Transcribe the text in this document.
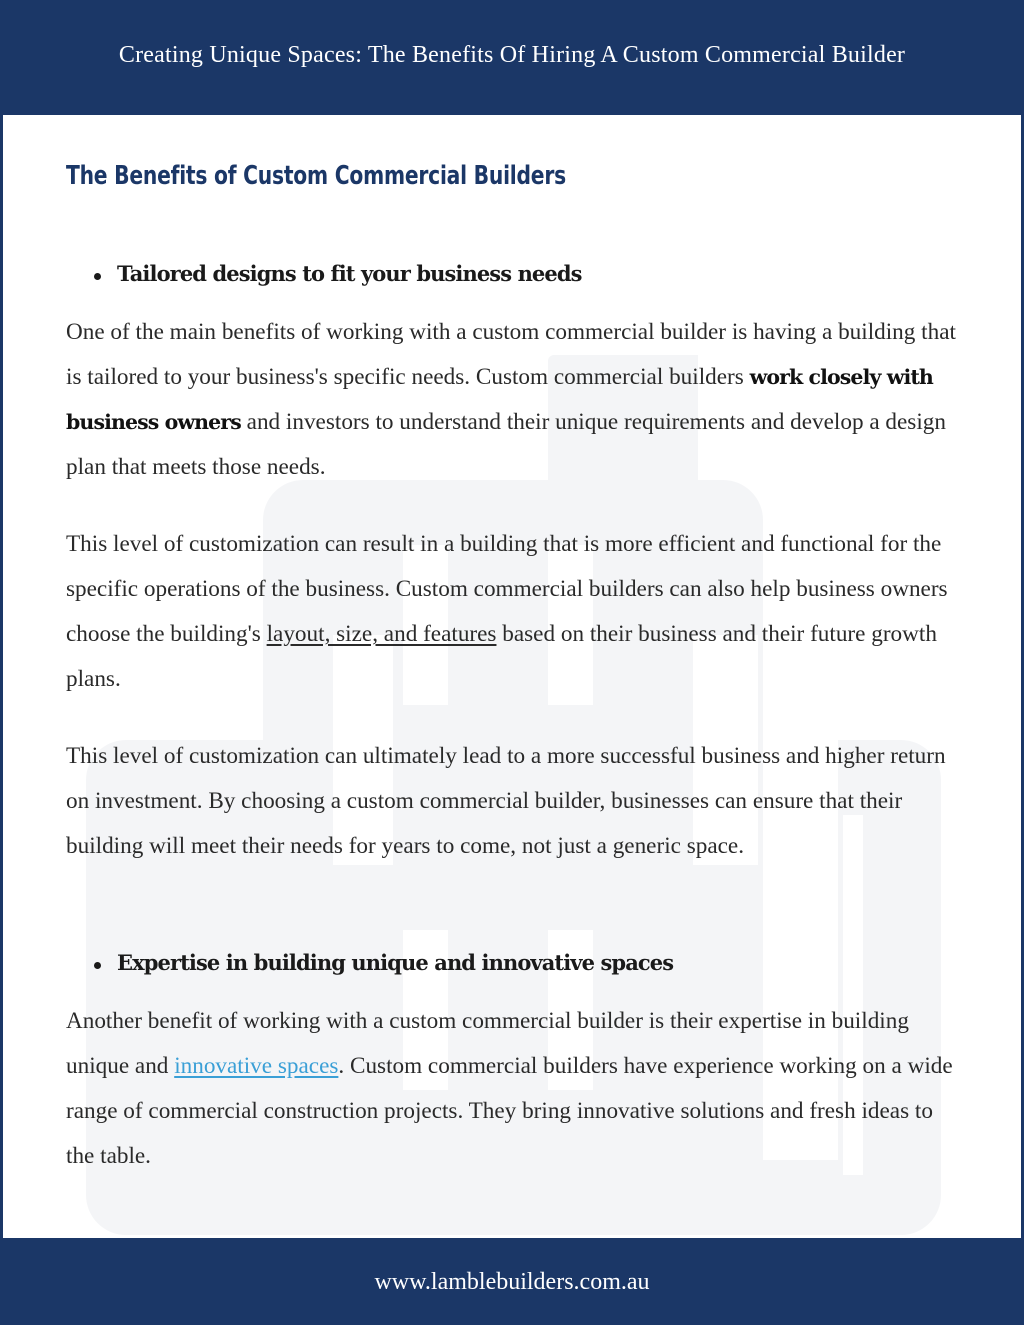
Creating Unique Spaces: The Benefits Of Hiring A Custom Commercial Builder
The Benefits of Custom Commercial Builders
Tailored designs to fit your business needs

One of the main benefits of working with a custom commercial builder is having a building that is tailored to your business's specific needs. Custom commercial builders work closely with business owners and investors to understand their unique requirements and develop a design plan that meets those needs.

This level of customization can result in a building that is more efficient and functional for the specific operations of the business. Custom commercial builders can also help business owners choose the building's layout, size, and features based on their business and their future growth plans.

This level of customization can ultimately lead to a more successful business and higher return on investment. By choosing a custom commercial builder, businesses can ensure that their building will meet their needs for years to come, not just a generic space.

Expertise in building unique and innovative spaces

Another benefit of working with a custom commercial builder is their expertise in building unique and innovative spaces. Custom commercial builders have experience working on a wide range of commercial construction projects. They bring innovative solutions and fresh ideas to the table.

www.lamblebuilders.com.au
